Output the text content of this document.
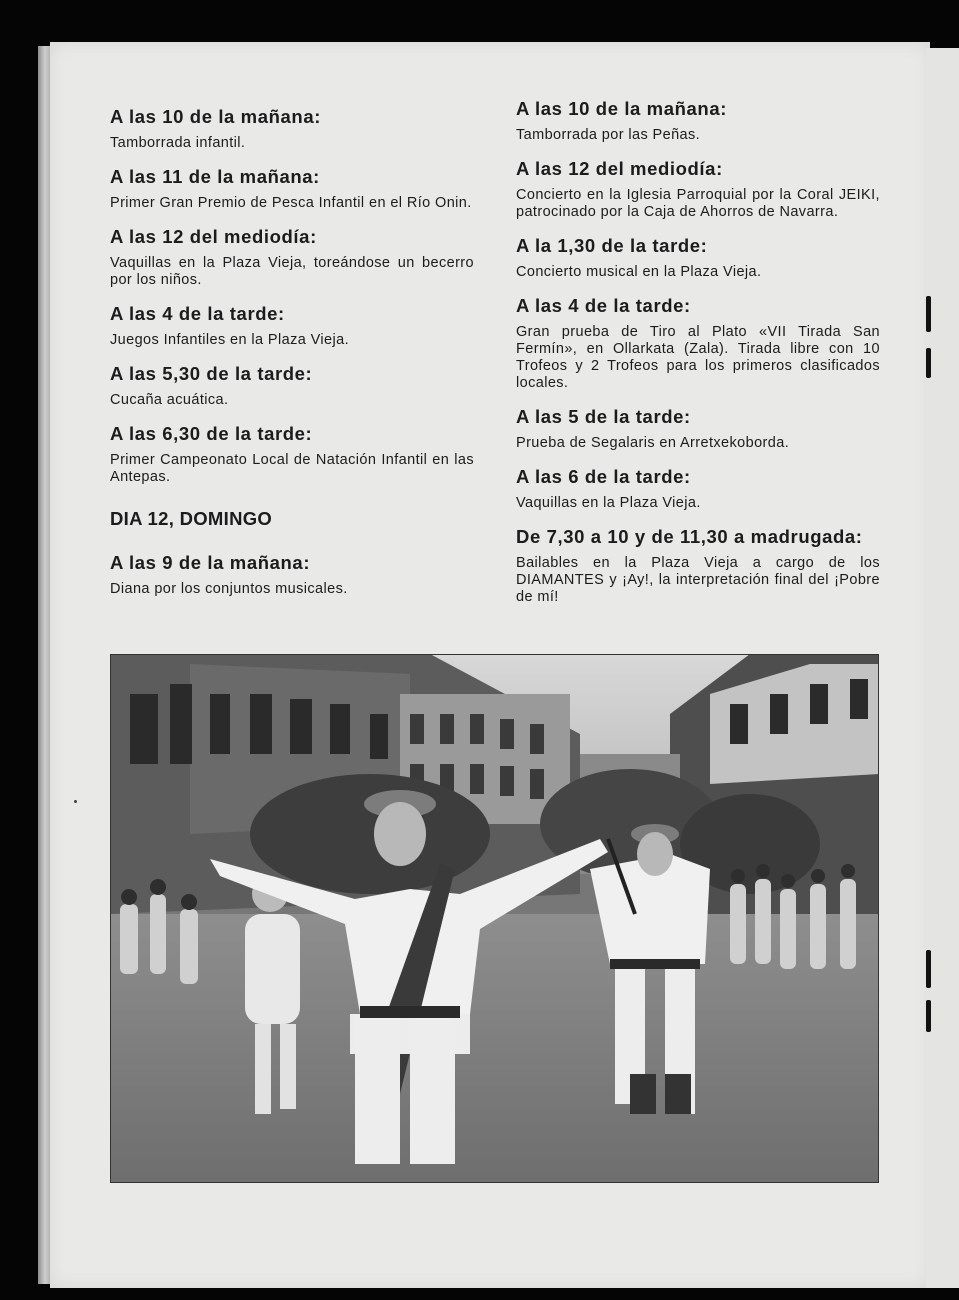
A las 10 de la mañana:

Tamborrada infantil.

A las 11 de la mañana:

Primer Gran Premio de Pesca Infantil en el Río Onin.

A las 12 del mediodía:

Vaquillas en la Plaza Vieja, toreándose un becerro por los niños.

A las 4 de la tarde:

Juegos Infantiles en la Plaza Vieja.

A las 5,30 de la tarde:

Cucaña acuática.

A las 6,30 de la tarde:

Primer Campeonato Local de Natación Infantil en las Antepas.

DIA 12, DOMINGO
A las 9 de la mañana:

Diana por los conjuntos musicales.

A las 10 de la mañana:

Tamborrada por las Peñas.

A las 12 del mediodía:

Concierto en la Iglesia Parroquial por la Coral JEIKI, patrocinado por la Caja de Ahorros de Navarra.

A la 1,30 de la tarde:

Concierto musical en la Plaza Vieja.

A las 4 de la tarde:

Gran prueba de Tiro al Plato «VII Tirada San Fermín», en Ollarkata (Zala). Tirada libre con 10 Trofeos y 2 Trofeos para los primeros clasificados locales.

A las 5 de la tarde:

Prueba de Segalaris en Arretxekoborda.

A las 6 de la tarde:

Vaquillas en la Plaza Vieja.

De 7,30 a 10 y de 11,30 a madrugada:

Bailables en la Plaza Vieja a cargo de los DIAMANTES y ¡Ay!, la interpretación final del ¡Pobre de mí!
